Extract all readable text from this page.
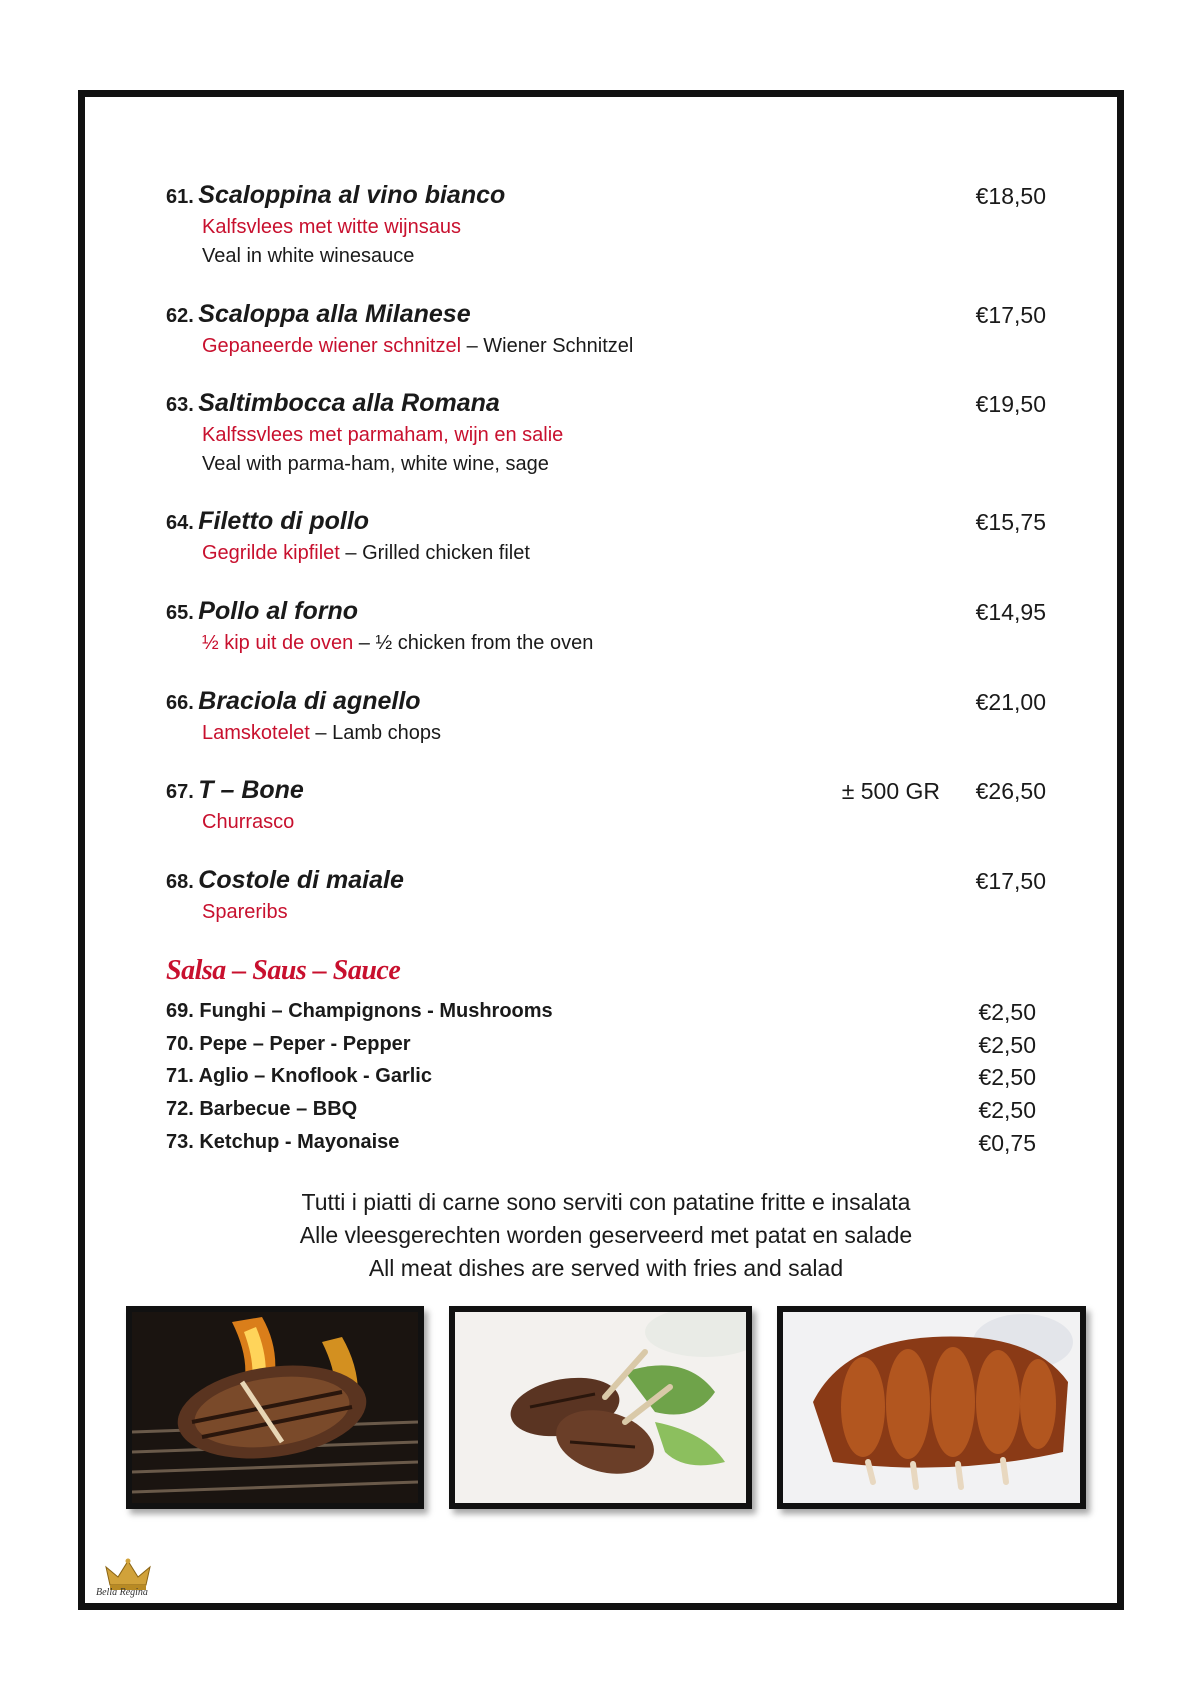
61. Scaloppina al vino bianco	€18,50
Kalfsvlees met witte wijnsaus
Veal in white winesauce
62. Scaloppa alla Milanese	€17,50
Gepaneerde wiener schnitzel – Wiener Schnitzel
63. Saltimbocca alla Romana	€19,50
Kalfssvlees met parmaham, wijn en salie
Veal with parma-ham, white wine, sage
64. Filetto di pollo	€15,75
Gegrilde kipfilet – Grilled chicken filet
65. Pollo al forno	€14,95
½ kip uit de oven – ½ chicken from the oven
66. Braciola di agnello	€21,00
Lamskotelet – Lamb chops
67. T – Bone	± 500 GR €26,50
Churrasco
68. Costole di maiale	€17,50
Spareribs
Salsa – Saus – Sauce
69. Funghi – Champignons - Mushrooms	€2,50
70. Pepe – Peper - Pepper	€2,50
71. Aglio – Knoflook - Garlic	€2,50
72. Barbecue – BBQ	€2,50
73. Ketchup - Mayonaise	€0,75
Tutti i piatti di carne sono serviti con patatine fritte e insalata
Alle vleesgerechten worden geserveerd met patat en salade
All meat dishes are served with fries and salad
Bella Regina
